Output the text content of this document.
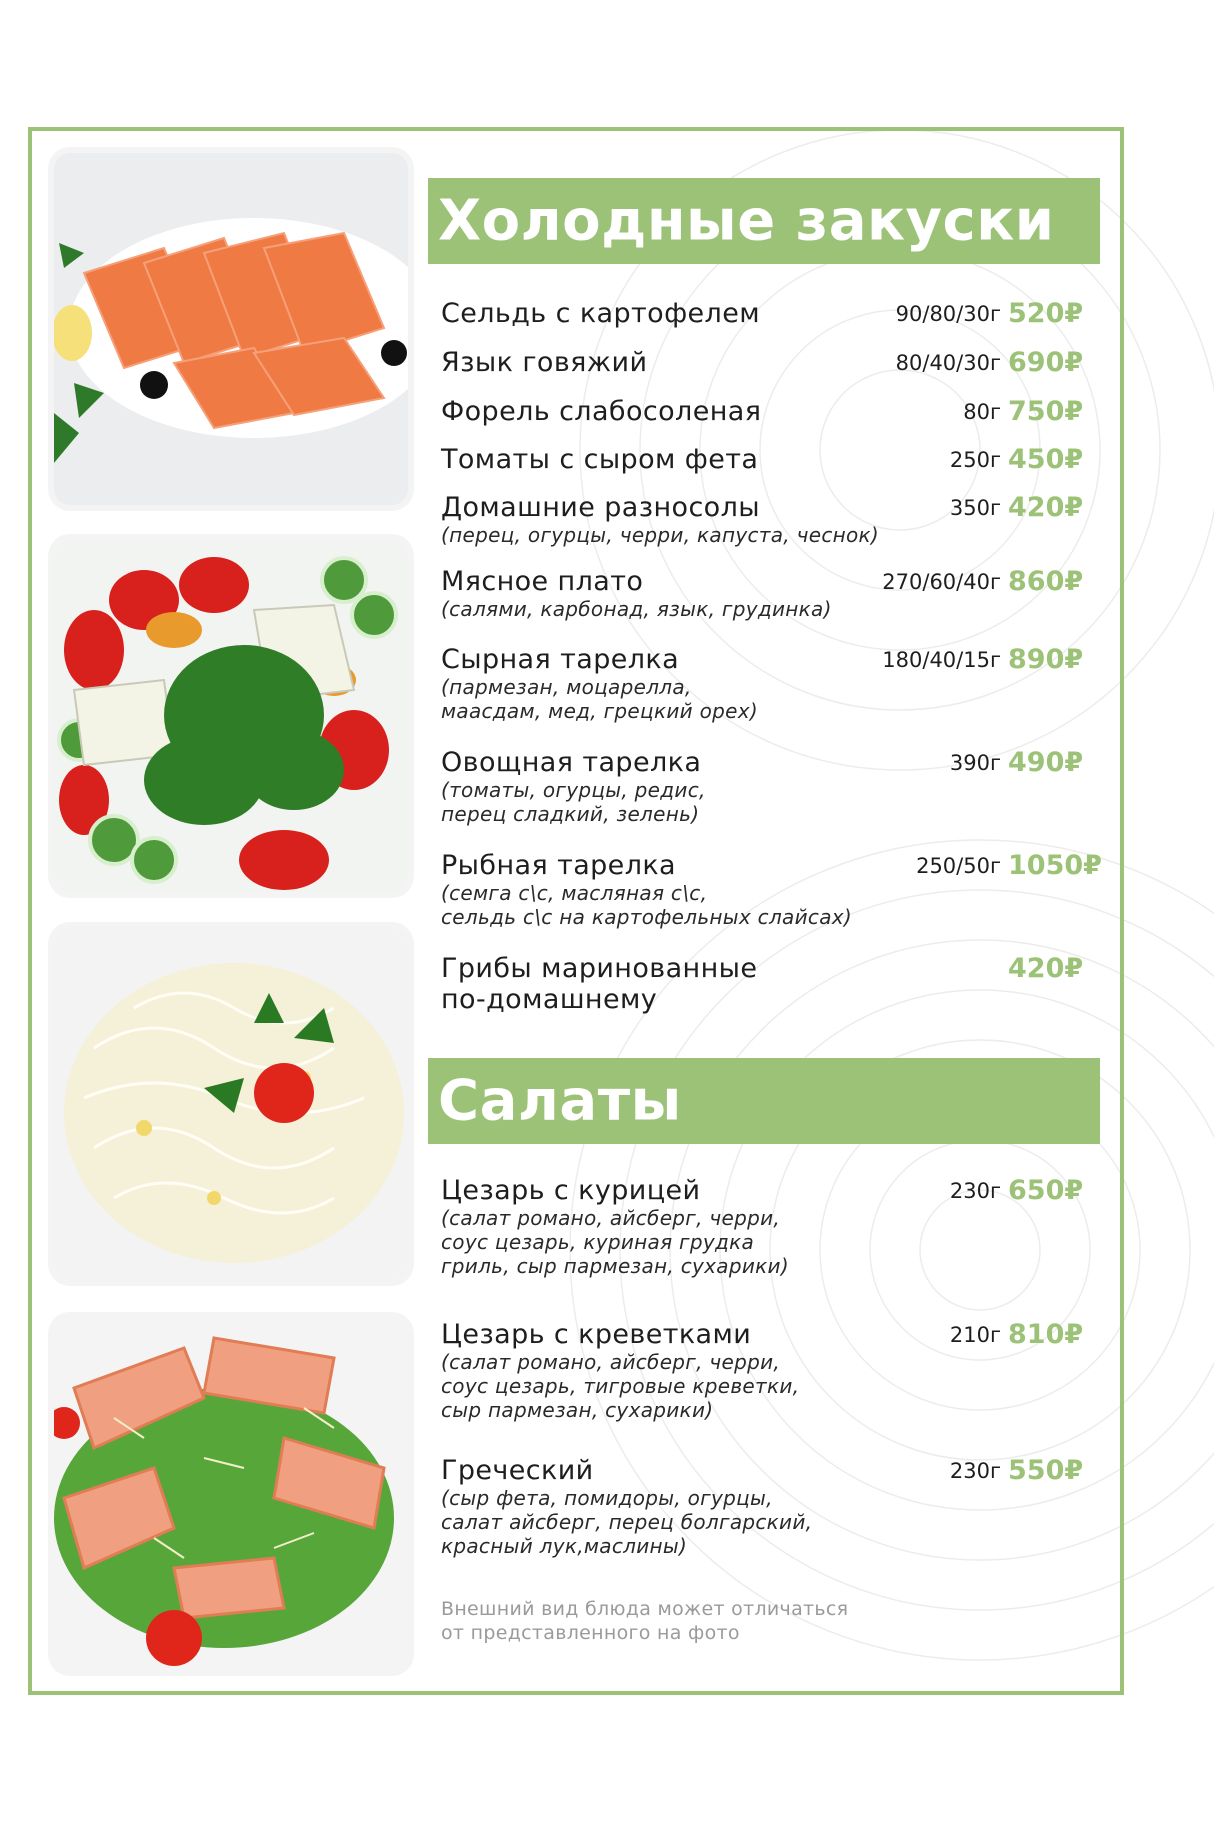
Холодные закуски
Сельдь с картофелем	90/80/30г 520₽
Язык говяжий	80/40/30г 690₽
Форель слабосоленая	80г 750₽
Томаты с сыром фета	250г 450₽
Домашние разносолы
(перец, огурцы, черри, капуста, чеснок)
350г 420₽
Мясное плато
(салями, карбонад, язык, грудинка)
270/60/40г 860₽
Сырная тарелка
(пармезан, моцарелла,
маасдам, мед, грецкий орех)
180/40/15г 890₽
Овощная тарелка
(томаты, огурцы, редис,
перец сладкий, зелень)
390г 490₽
Рыбная тарелка
(семга с\с, масляная с\с,
сельдь с\с на картофельных слайсах)
250/50г 1050₽
Грибы маринованные
по-домашнему
420₽
Салаты
Цезарь с курицей
(салат романо, айсберг, черри,
соус цезарь, куриная грудка
гриль, сыр пармезан, сухарики)
230г 650₽
Цезарь с креветками
(салат романо, айсберг, черри,
соус цезарь, тигровые креветки,
сыр пармезан, сухарики)
210г 810₽
Греческий
(сыр фета, помидоры, огурцы,
салат айсберг, перец болгарский,
красный лук,маслины)
230г 550₽
Внешний вид блюда может отличаться от представленного на фото
